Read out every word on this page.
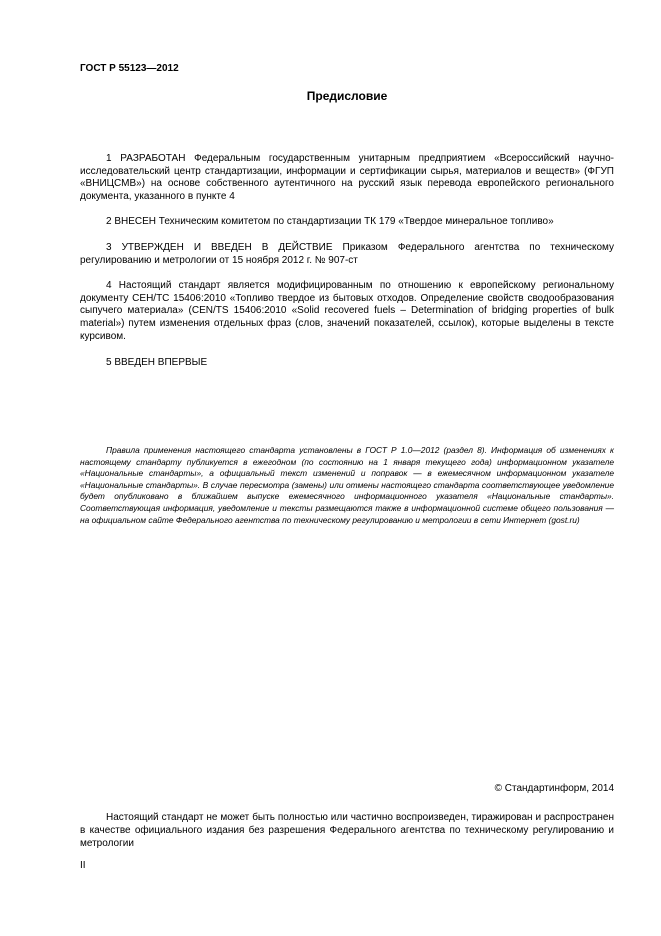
ГОСТ Р 55123—2012
Предисловие

1 РАЗРАБОТАН Федеральным государственным унитарным предприятием «Всероссийский научно-исследовательский центр стандартизации, информации и сертификации сырья, материалов и веществ» (ФГУП «ВНИЦСМВ») на основе собственного аутентичного на русский язык перевода европейского регионального документа, указанного в пункте 4

2 ВНЕСЕН Техническим комитетом по стандартизации ТК 179 «Твердое минеральное топливо»

3 УТВЕРЖДЕН И ВВЕДЕН В ДЕЙСТВИЕ Приказом Федерального агентства по техническому регулированию и метрологии от 15 ноября 2012 г. № 907-ст

4 Настоящий стандарт является модифицированным по отношению к европейскому региональному документу CEH/TC 15406:2010 «Топливо твердое из бытовых отходов. Определение свойств сводообразования сыпучего материала» (CEN/TS 15406:2010 «Solid recovered fuels – Determination of bridging properties of bulk material») путем изменения отдельных фраз (слов, значений показателей, ссылок), которые выделены в тексте курсивом.

5 ВВЕДЕН ВПЕРВЫЕ

Правила применения настоящего стандарта установлены в ГОСТ Р 1.0—2012 (раздел 8). Информация об изменениях к настоящему стандарту публикуется в ежегодном (по состоянию на 1 января текущего года) информационном указателе «Национальные стандарты», а официальный текст изменений и поправок — в ежемесячном информационном указателе «Национальные стандарты». В случае пересмотра (замены) или отмены настоящего стандарта соответствующее уведомление будет опубликовано в ближайшем выпуске ежемесячного информационного указателя «Национальные стандарты». Соответствующая информация, уведомление и тексты размещаются также в информационной системе общего пользования — на официальном сайте Федерального агентства по техническому регулированию и метрологии в сети Интернет (gost.ru)

© Стандартинформ, 2014

Настоящий стандарт не может быть полностью или частично воспроизведен, тиражирован и распространен в качестве официального издания без разрешения Федерального агентства по техническому регулированию и метрологии

II
